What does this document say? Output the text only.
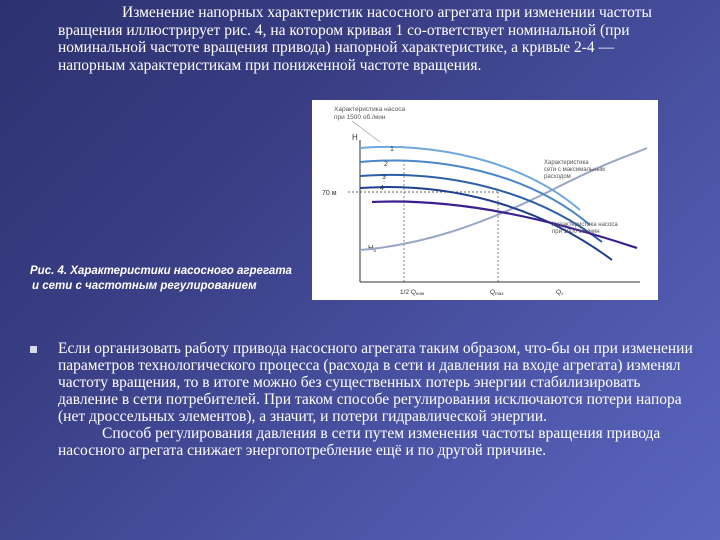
Изменение напорных характеристик насосного агрегата при изменении частоты вращения иллюстрирует рис. 4, на котором кривая 1 со-ответствует номинальной (при номинальной частоте вращения привода) напорной характеристике, а кривые 2-4 — напорным характеристикам при пониженной частоте вращения.

Характеристика насоса
при 1500 об./мин
H
70 м
$H_0$
1
2
3
4
Характеристика
сети с максимальным
расходом
Характеристика насоса
при 1000 об./мин
1/2 Qном	Qmax	Qc

Рис. 4. Характеристики насосного агрегата
и сети с частотным регулированием

Если организовать работу привода насосного агрегата таким образом, что-бы он при изменении параметров технологического процесса (расхода в сети и давления на входе агрегата) изменял частоту вращения, то в итоге можно без существенных потерь энергии стабилизировать давление в сети потребителей. При таком способе регулирования исключаются потери напора (нет дроссельных элементов), а значит, и потери гидравлической энергии.

Способ регулирования давления в сети путем изменения частоты вращения привода насосного агрегата снижает энергопотребление ещё и по другой причине.
